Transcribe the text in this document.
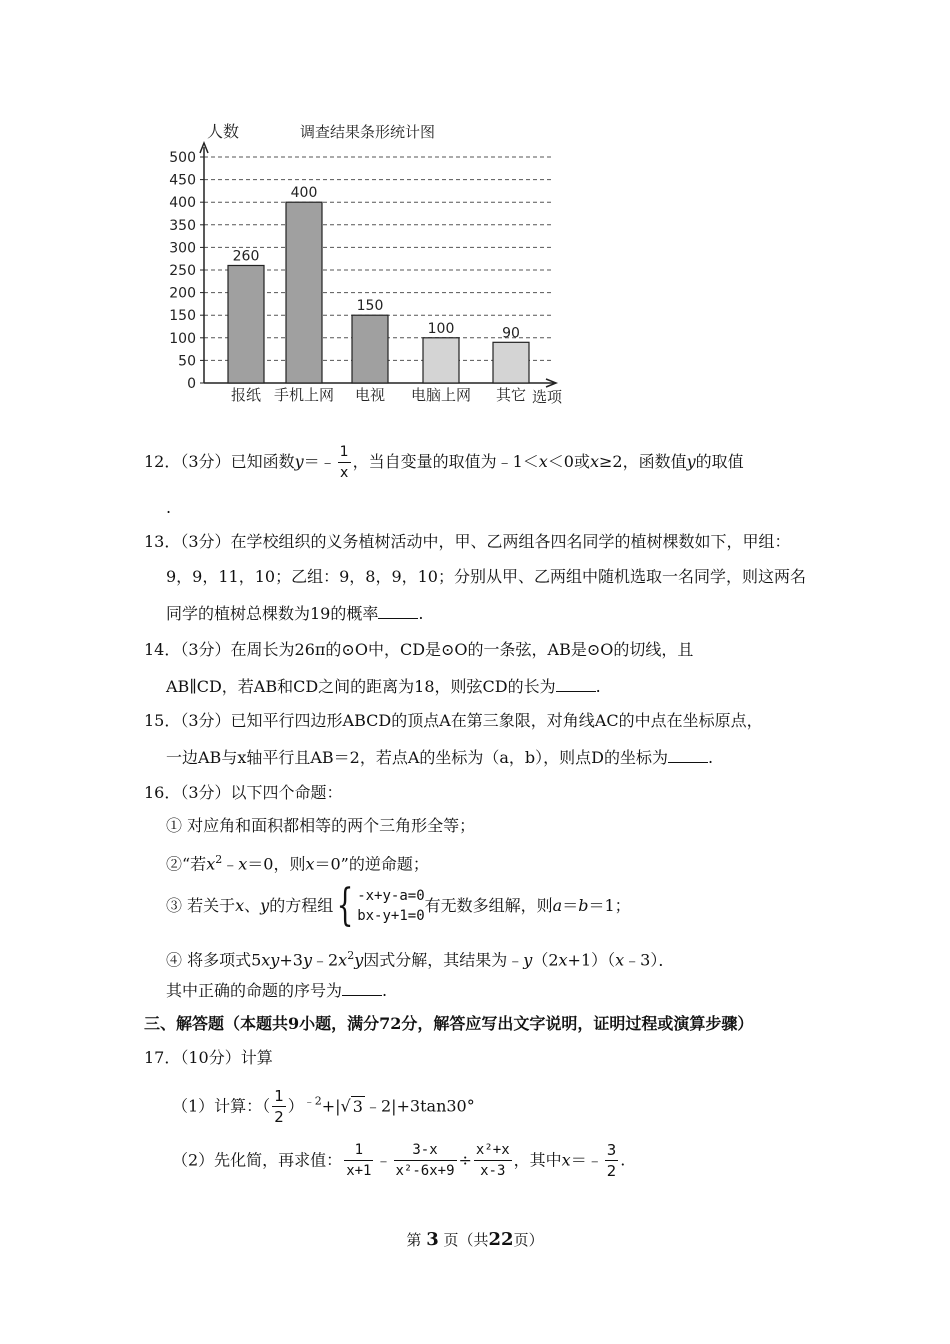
0
50
100
150
200
250
300
350
400
450
500
260
报纸
400
手机上网
150
电视
100
电脑上网
90
其它
人数	调查结果条形统计图
选项
12．（3分）已知函数y＝﹣ $\frac{1}{x}$ ，当自变量的取值为﹣1＜x＜0或x≥2，函数值y的取值
.
13．（3分）在学校组织的义务植树活动中，甲、乙两组各四名同学的植树棵数如下，甲组：
9，9，11，10；乙组：9，8，9，10；分别从甲、乙两组中随机选取一名同学，则这两名
同学的植树总棵数为19的概率	.
14．（3分）在周长为26π的⊙O中，CD是⊙O的一条弦，AB是⊙O的切线，且
AB∥CD，若AB和CD之间的距离为18，则弦CD的长为	.
15．（3分）已知平行四边形ABCD的顶点A在第三象限，对角线AC的中点在坐标原点，
一边AB与x轴平行且AB＝2，若点A的坐标为（a，b），则点D的坐标为	.
16．（3分）以下四个命题：
① 对应角和面积都相等的两个三角形全等；
②“若$x^2﹣x=0$，则x＝0”的逆命题；
③ 若关于x、y的方程组{ -x+y-a=0
bx-y+1=0
有无数多组解，则a＝b＝1；
④ 将多项式$5xy+3y﹣2x^2y$因式分解，其结果为﹣y（2x+1）（x﹣3）．
其中正确的命题的序号为	.
三、解答题（本题共9小题，满分72分，解答应写出文字说明，证明过程或演算步骤）
17．（10分）计算
（1）计算：（ $\frac{1}{2} )^{﹣2}+|√$ 3 ﹣2|+3tan30°
（2）先化简，再求值： $\frac{1}{x+1}$ ﹣ $\frac{3-x}{\text{x²-6x+9}} \div \frac{\text{x²+x}}{x-3}$ ，其中x＝﹣ $\frac{3}{2}$ .
第 3 页（共22页）
